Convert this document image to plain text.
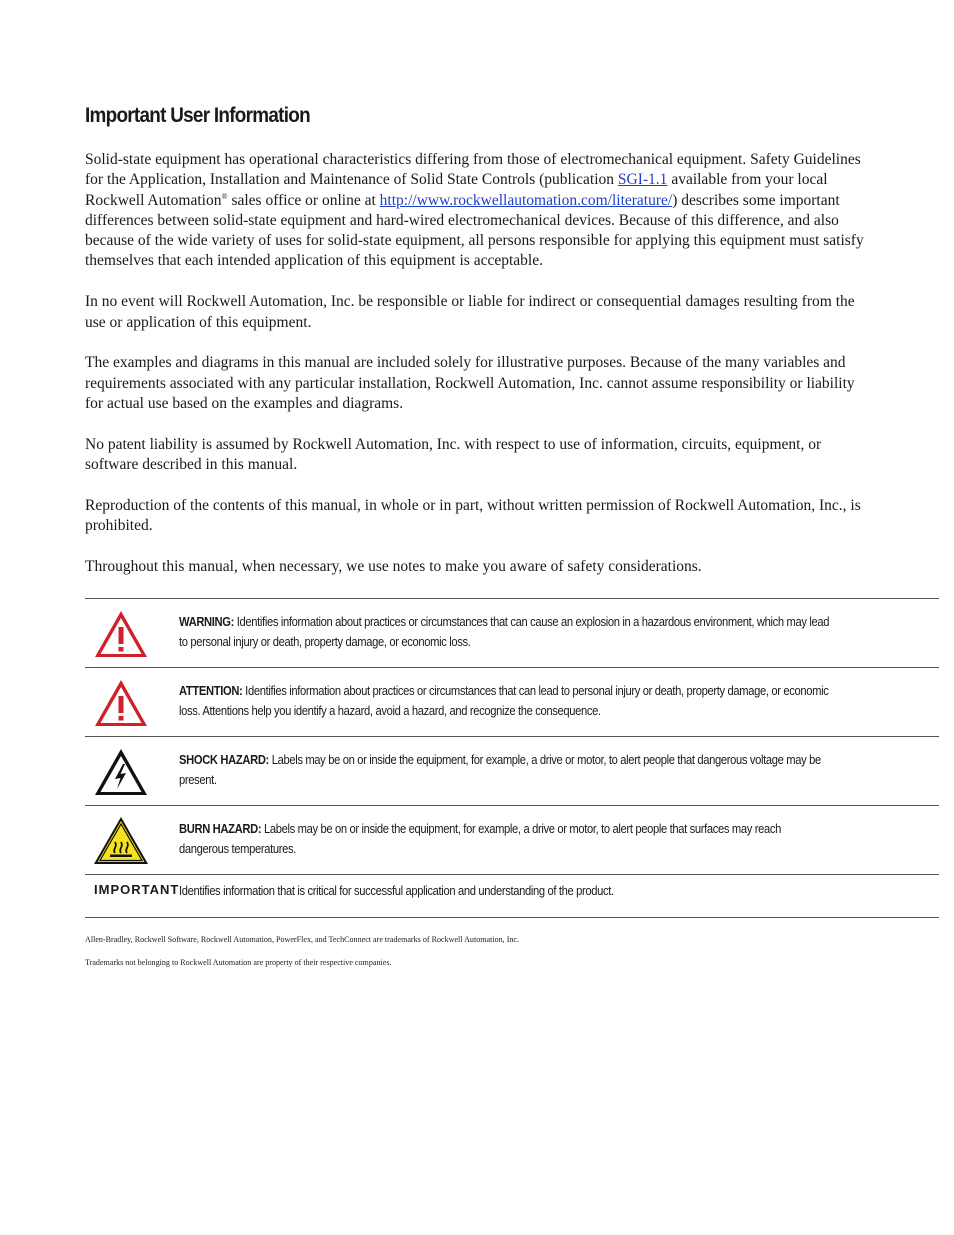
Important User Information

Solid-state equipment has operational characteristics differing from those of electromechanical equipment. Safety Guidelines for the Application, Installation and Maintenance of Solid State Controls (publication SGI-1.1 available from your local Rockwell Automation® sales office or online at http://www.rockwellautomation.com/literature/) describes some important differences between solid-state equipment and hard-wired electromechanical devices. Because of this difference, and also because of the wide variety of uses for solid-state equipment, all persons responsible for applying this equipment must satisfy themselves that each intended application of this equipment is acceptable.

In no event will Rockwell Automation, Inc. be responsible or liable for indirect or consequential damages resulting from the use or application of this equipment.

The examples and diagrams in this manual are included solely for illustrative purposes. Because of the many variables and requirements associated with any particular installation, Rockwell Automation, Inc. cannot assume responsibility or liability for actual use based on the examples and diagrams.

No patent liability is assumed by Rockwell Automation, Inc. with respect to use of information, circuits, equipment, or software described in this manual.

Reproduction of the contents of this manual, in whole or in part, without written permission of Rockwell Automation, Inc., is prohibited.

Throughout this manual, when necessary, we use notes to make you aware of safety considerations.

WARNING: Identifies information about practices or circumstances that can cause an explosion in a hazardous environment, which may lead to personal injury or death, property damage, or economic loss.

ATTENTION: Identifies information about practices or circumstances that can lead to personal injury or death, property damage, or economic loss. Attentions help you identify a hazard, avoid a hazard, and recognize the consequence.

SHOCK HAZARD: Labels may be on or inside the equipment, for example, a drive or motor, to alert people that dangerous voltage may be present.

BURN HAZARD: Labels may be on or inside the equipment, for example, a drive or motor, to alert people that surfaces may reach dangerous temperatures.

IMPORTANT	Identifies information that is critical for successful application and understanding of the product.

Allen-Bradley, Rockwell Software, Rockwell Automation, PowerFlex, and TechConnect are trademarks of Rockwell Automation, Inc.

Trademarks not belonging to Rockwell Automation are property of their respective companies.
